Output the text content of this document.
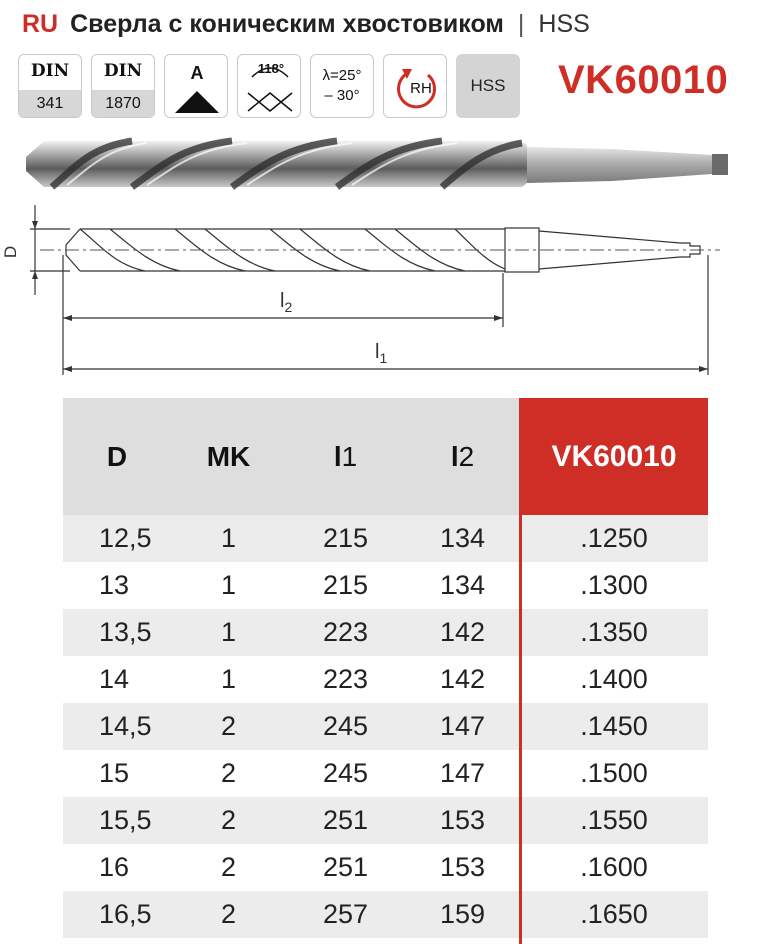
RU Сверла с коническим хвостовиком | HSS
DIN
341
DIN
1870
A	118°	λ=25°
– 30°	RH	HSS	VK60010
D
$l_2$
$l_1$
D	MK	l 1	l 2	VK60010
12,5	1	215	134	.1250
13	1	215	134	.1300
13,5	1	223	142	.1350
14	1	223	142	.1400
14,5	2	245	147	.1450
15	2	245	147	.1500
15,5	2	251	153	.1550
16	2	251	153	.1600
16,5	2	257	159	.1650
